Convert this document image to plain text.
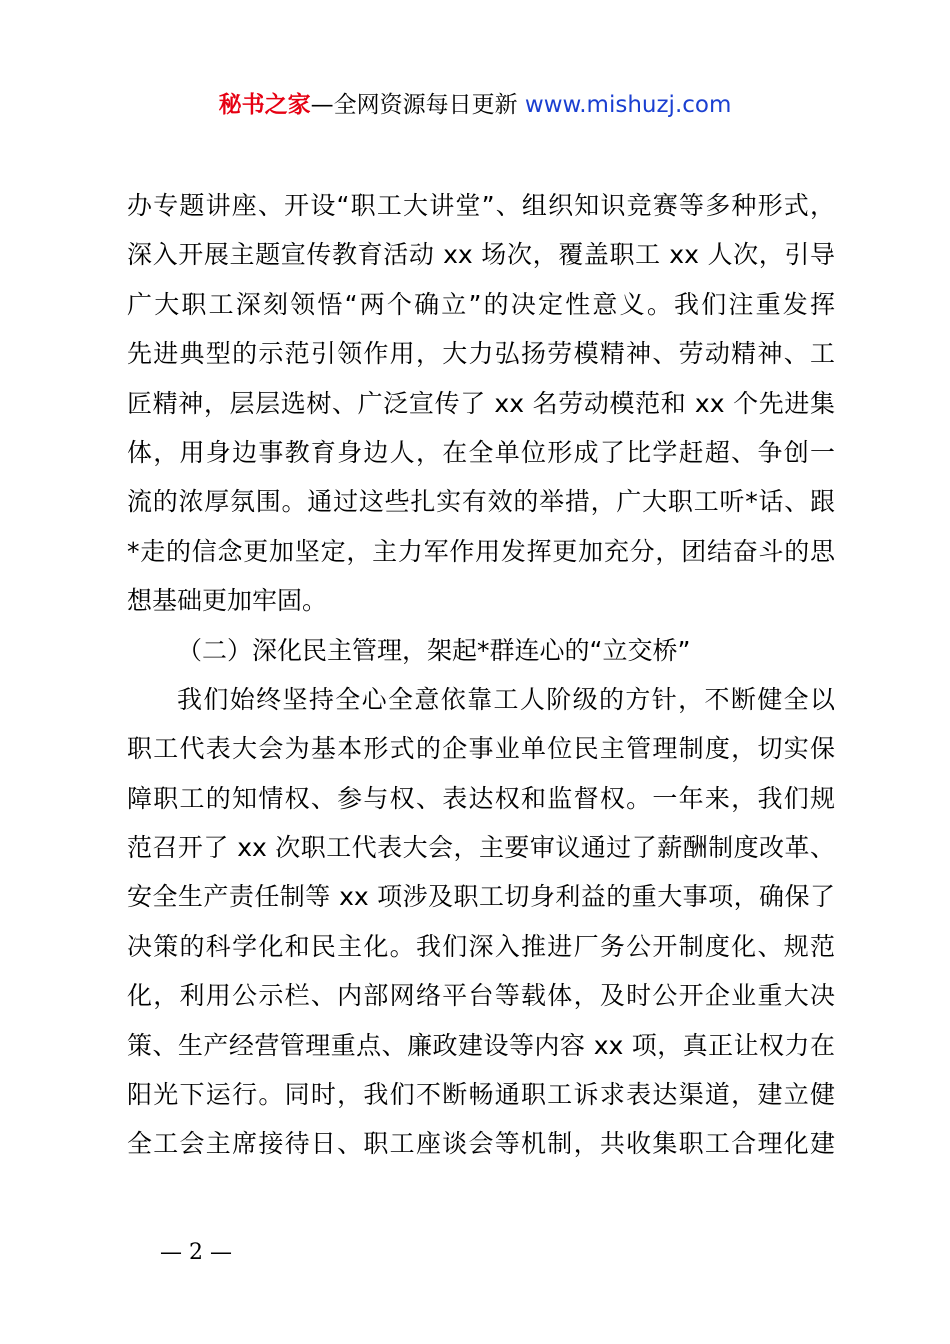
秘书之家—全网资源每日更新 www.mishuzj.com
办专题讲座、开设“职工大讲堂”、组织知识竞赛等多种形式，
深入开展主题宣传教育活动 xx 场次，覆盖职工 xx 人次，引导
广大职工深刻领悟“两个确立”的决定性意义。我们注重发挥
先进典型的示范引领作用，大力弘扬劳模精神、劳动精神、工
匠精神，层层选树、广泛宣传了 xx 名劳动模范和 xx 个先进集
体，用身边事教育身边人，在全单位形成了比学赶超、争创一
流的浓厚氛围。通过这些扎实有效的举措，广大职工听*话、跟
*走的信念更加坚定，主力军作用发挥更加充分，团结奋斗的思
想基础更加牢固。
（二）深化民主管理，架起*群连心的“立交桥”
我们始终坚持全心全意依靠工人阶级的方针，不断健全以
职工代表大会为基本形式的企事业单位民主管理制度，切实保
障职工的知情权、参与权、表达权和监督权。一年来，我们规
范召开了 xx 次职工代表大会，主要审议通过了薪酬制度改革、
安全生产责任制等 xx 项涉及职工切身利益的重大事项，确保了
决策的科学化和民主化。我们深入推进厂务公开制度化、规范
化，利用公示栏、内部网络平台等载体，及时公开企业重大决
策、生产经营管理重点、廉政建设等内容 xx 项，真正让权力在
阳光下运行。同时，我们不断畅通职工诉求表达渠道，建立健
全工会主席接待日、职工座谈会等机制，共收集职工合理化建
— 2 —
